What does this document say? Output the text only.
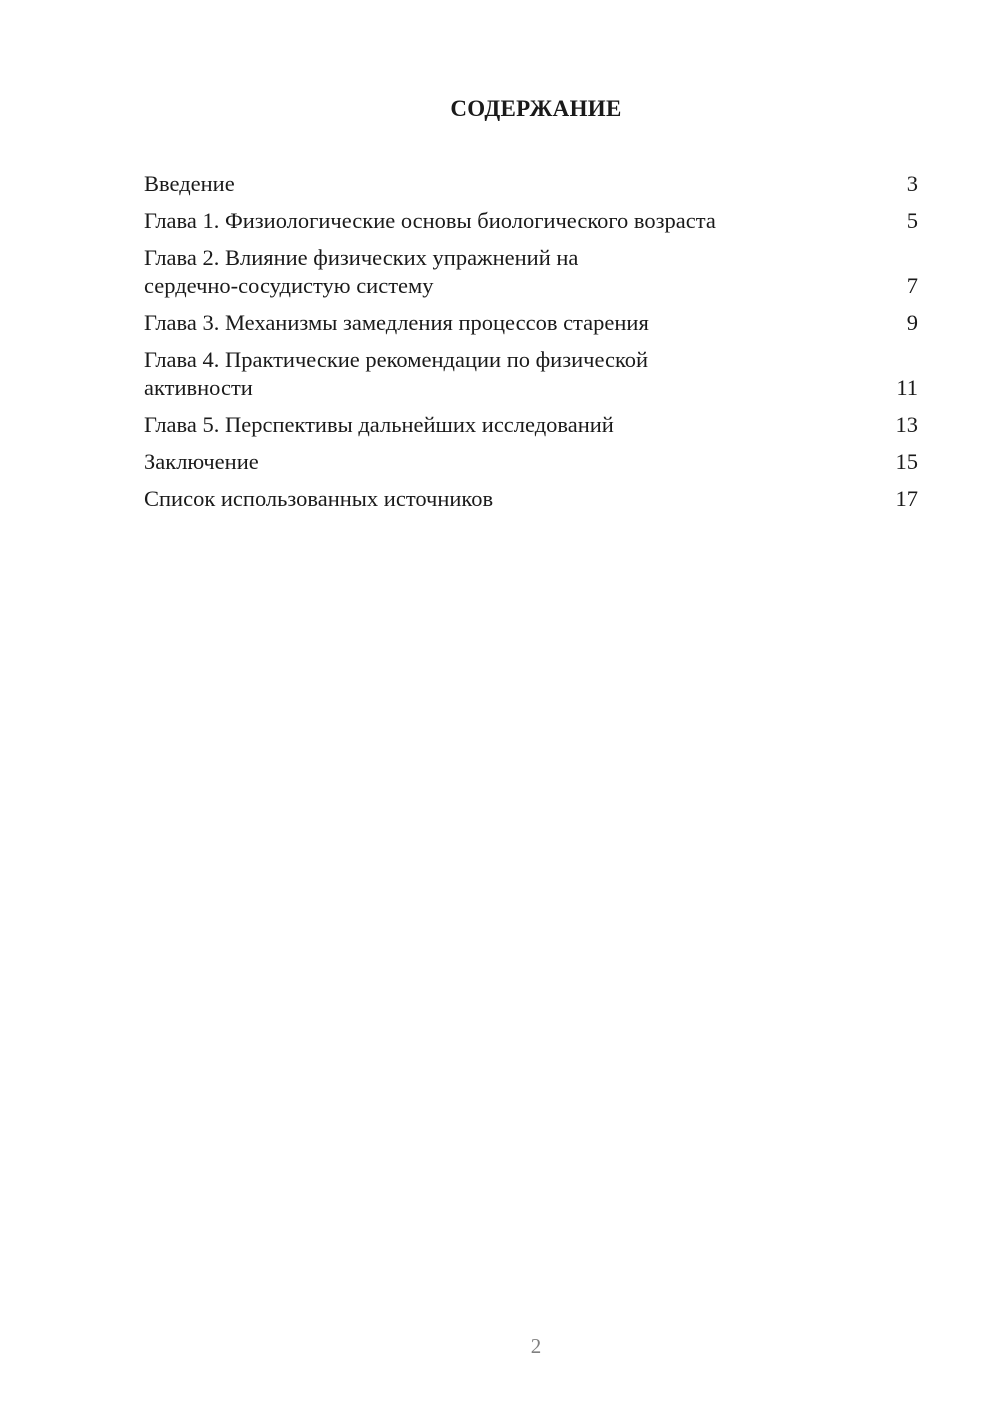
СОДЕРЖАНИЕ
Введение	3
Глава 1. Физиологические основы биологического возраста	5
Глава 2. Влияние физических упражнений на
сердечно-сосудистую систему	7
Глава 3. Механизмы замедления процессов старения	9
Глава 4. Практические рекомендации по физической
активности	11
Глава 5. Перспективы дальнейших исследований	13
Заключение	15
Список использованных источников	17
2
